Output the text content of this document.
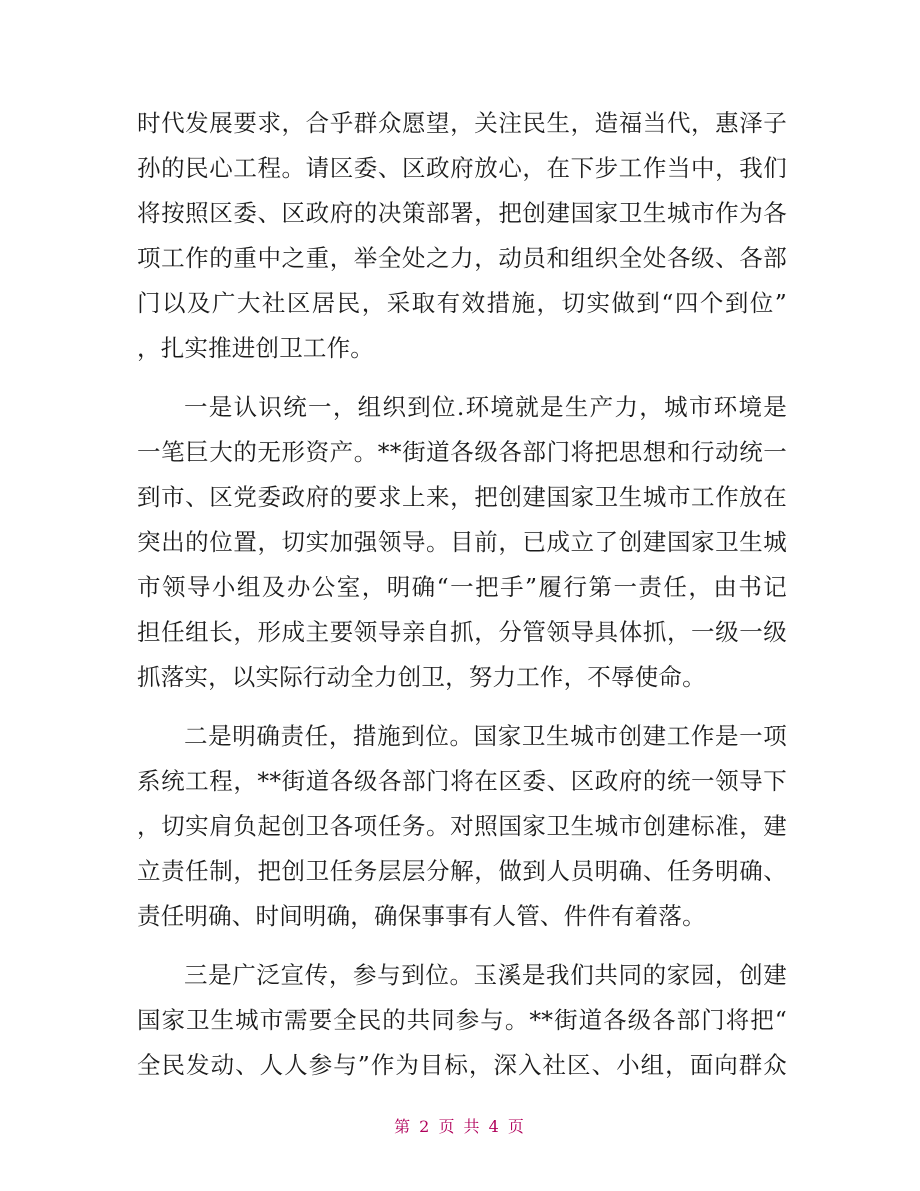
时代发展要求，合乎群众愿望，关注民生，造福当代，惠泽子
孙的民心工程。请区委、区政府放心，在下步工作当中，我们
将按照区委、区政府的决策部署，把创建国家卫生城市作为各
项工作的重中之重，举全处之力，动员和组织全处各级、各部
门以及广大社区居民，采取有效措施，切实做到“四个到位”
，扎实推进创卫工作。
一是认识统一，组织到位.环境就是生产力，城市环境是
一笔巨大的无形资产。**街道各级各部门将把思想和行动统一
到市、区党委政府的要求上来，把创建国家卫生城市工作放在
突出的位置，切实加强领导。目前，已成立了创建国家卫生城
市领导小组及办公室，明确“一把手”履行第一责任，由书记
担任组长，形成主要领导亲自抓，分管领导具体抓，一级一级
抓落实，以实际行动全力创卫，努力工作，不辱使命。
二是明确责任，措施到位。国家卫生城市创建工作是一项
系统工程，**街道各级各部门将在区委、区政府的统一领导下
，切实肩负起创卫各项任务。对照国家卫生城市创建标准，建
立责任制，把创卫任务层层分解，做到人员明确、任务明确、
责任明确、时间明确，确保事事有人管、件件有着落。
三是广泛宣传，参与到位。玉溪是我们共同的家园，创建
国家卫生城市需要全民的共同参与。**街道各级各部门将把“
全民发动、人人参与”作为目标，深入社区、小组，面向群众
第 2 页 共 4 页
